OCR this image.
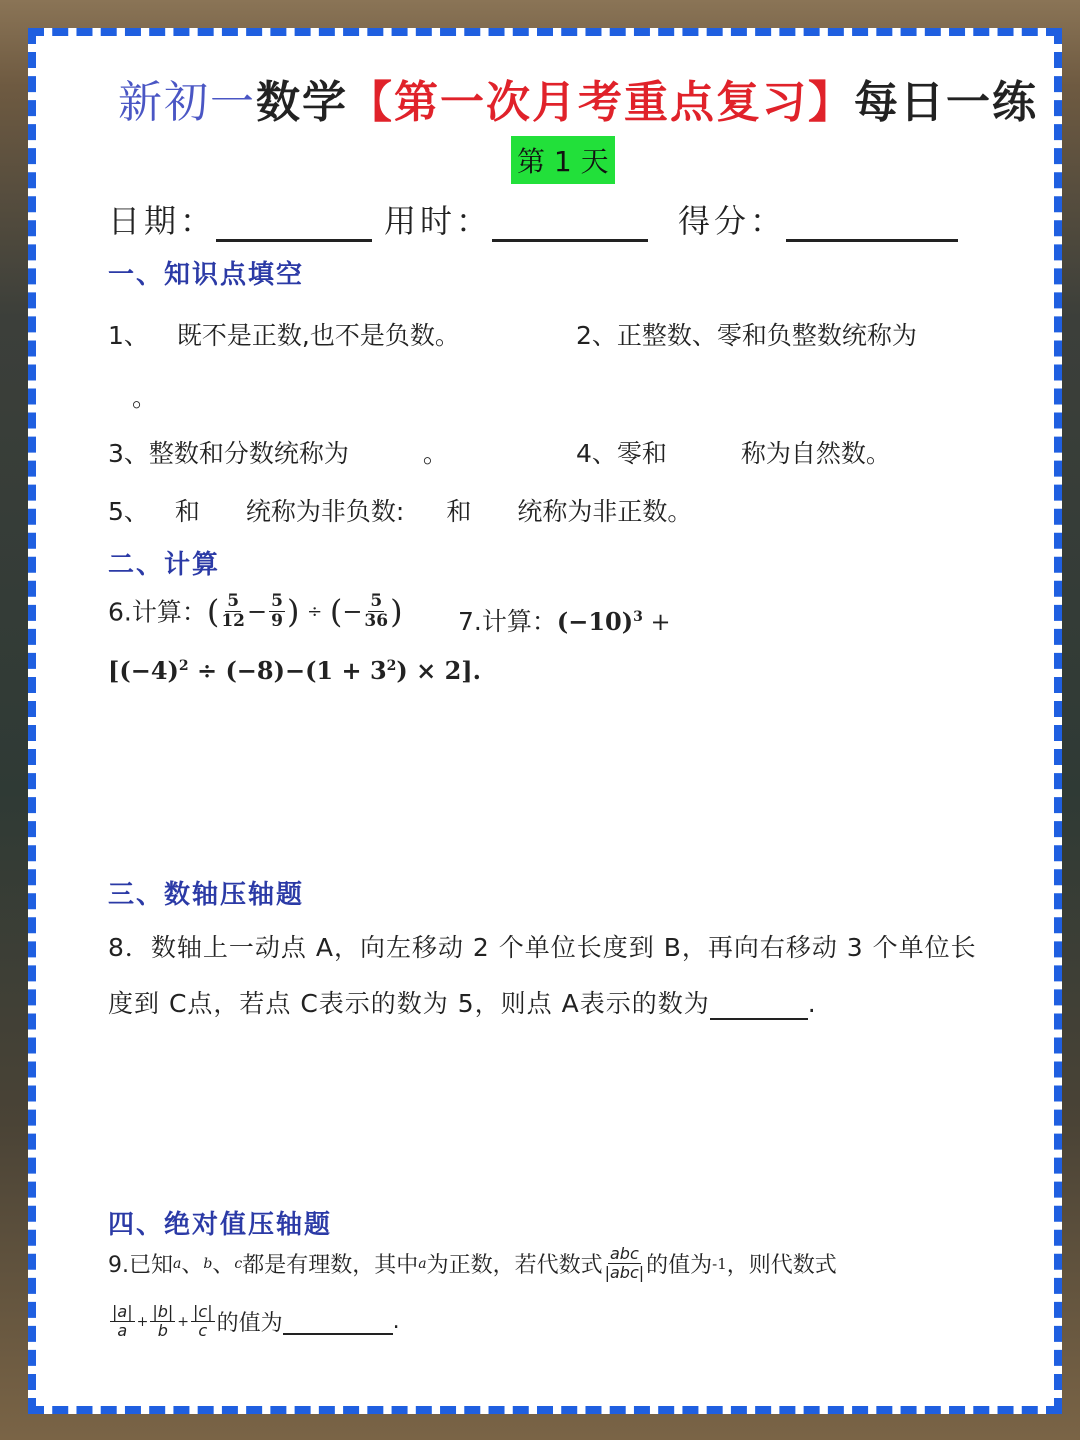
新初一数学【第一次月考重点复习】每日一练
第 1 天
日期：	用时：	得分：
一、知识点填空
1、 既不是正数,也不是负数。	2、正整数、零和负整数统称为
。
3、整数和分数统称为	。	4、零和	称为自然数。
5、 和 统称为非负数: 和 统称为非正数。
二、计算
6.计算：( $\frac{5}{12} - \frac{5}{9}$ ) ÷ (− $\frac{5}{36}$ ) 7.计算：$(-10)^3$ +
$[(-4)^2 \div (-8)-(1 + 3^2) \times 2]$.
三、数轴压轴题
8．数轴上一动点 A，向左移动 2 个单位长度到 B，再向右移动 3 个单位长
度到 C点，若点 C表示的数为 5，则点 A表示的数为	.
四、绝对值压轴题
9.已知 a 、 b 、 c 都是有理数，其中 a 为正数，若代数式 $\frac{\text{abc}}{\text{|abc|}}$ 的值为 -1 ，则代数式
$\frac{|a|}{a} + \frac{|b|}{b} + \frac{|c|}{c}$ 的值为
	.
